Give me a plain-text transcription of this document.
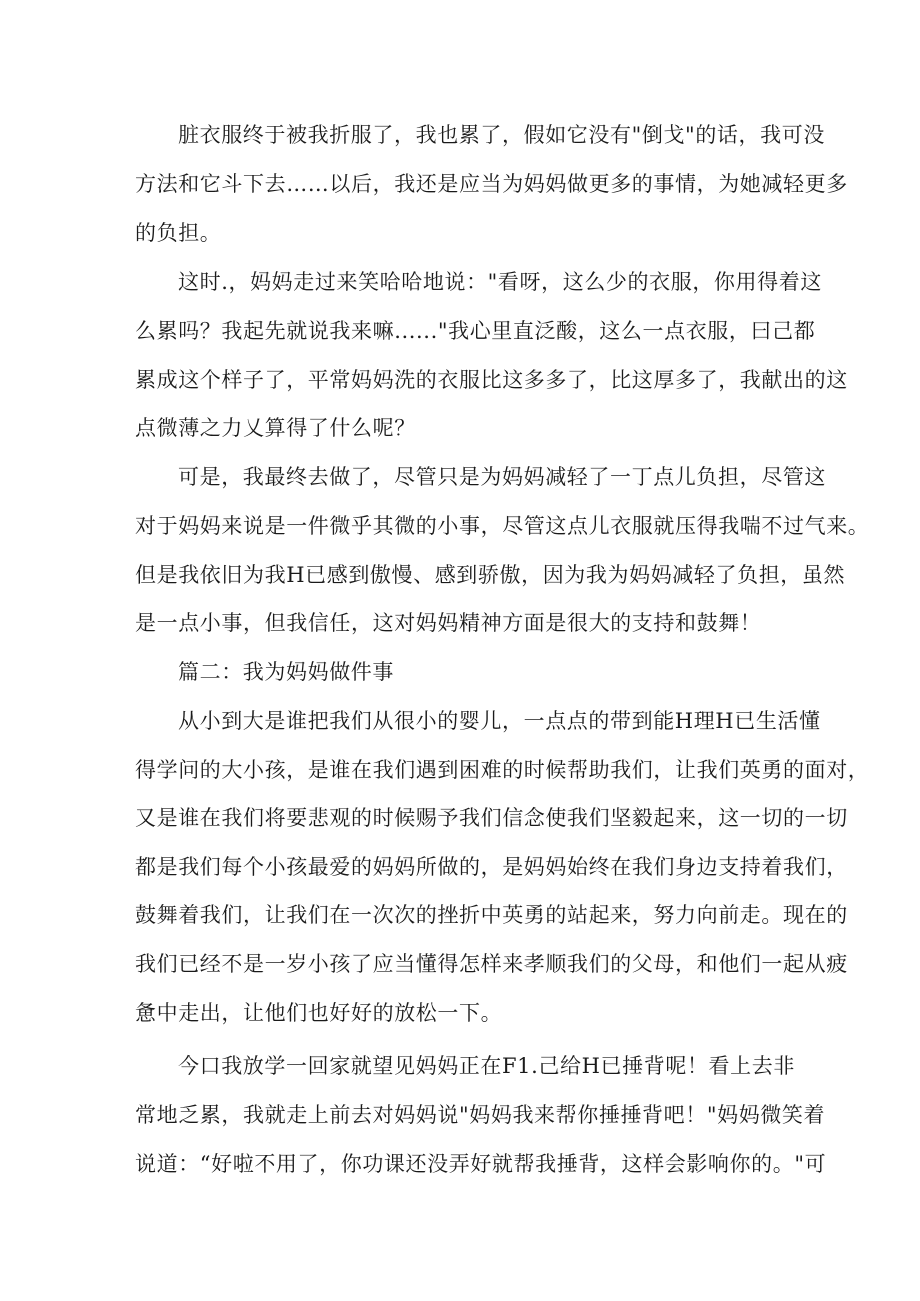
脏衣服终于被我折服了，我也累了，假如它没有"倒戈"的话，我可没
方法和它斗下去……以后，我还是应当为妈妈做更多的事情，为她减轻更多
的负担。
这时.，妈妈走过来笑哈哈地说："看呀，这么少的衣服，你用得着这
么累吗？我起先就说我来嘛......"我心里直泛酸，这么一点衣服，曰己都
累成这个样子了，平常妈妈洗的衣服比这多多了，比这厚多了，我献出的这
点微薄之力乂算得了什么呢？
可是，我最终去做了，尽管只是为妈妈减轻了一丁点儿负担，尽管这
对于妈妈来说是一件微乎其微的小事，尽管这点儿衣服就压得我喘不过气来。
但是我依旧为我H已感到傲慢、感到骄傲，因为我为妈妈减轻了负担，虽然
是一点小事，但我信任，这对妈妈精神方面是很大的支持和鼓舞！
篇二：我为妈妈做件事
从小到大是谁把我们从很小的婴儿，一点点的带到能H理H已生活懂
得学问的大小孩，是谁在我们遇到困难的时候帮助我们，让我们英勇的面对，
又是谁在我们将要悲观的时候赐予我们信念使我们坚毅起来，这一切的一切
都是我们每个小孩最爱的妈妈所做的，是妈妈始终在我们身边支持着我们，
鼓舞着我们，让我们在一次次的挫折中英勇的站起来，努力向前走。现在的
我们已经不是一岁小孩了应当懂得怎样来孝顺我们的父母，和他们一起从疲
惫中走出，让他们也好好的放松一下。
今口我放学一回家就望见妈妈正在F1.己给H已捶背呢！看上去非
常地乏累，我就走上前去对妈妈说"妈妈我来帮你捶捶背吧！"妈妈微笑着
说道：“好啦不用了，你功课还没弄好就帮我捶背，这样会影响你的。"可
